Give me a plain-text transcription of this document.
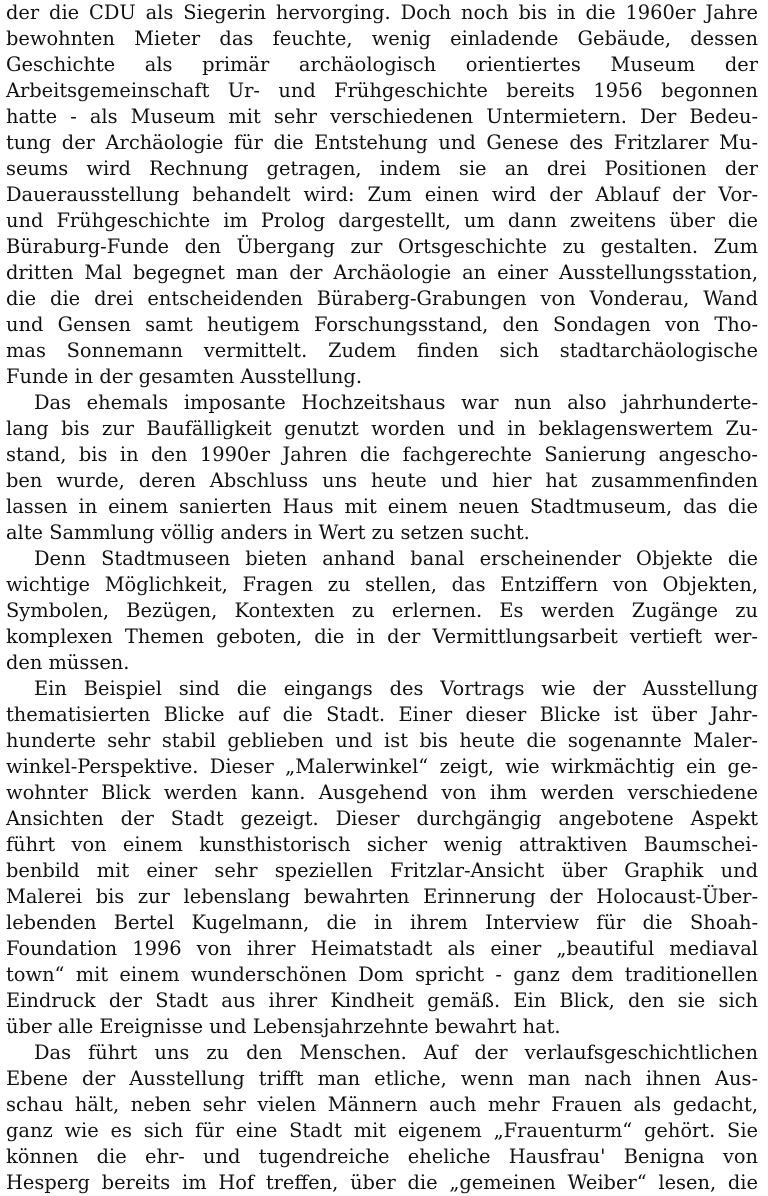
der die CDU als Siegerin hervorging. Doch noch bis in die 1960er Jahre
bewohnten Mieter das feuchte, wenig einladende Gebäude, dessen
Geschichte als primär archäologisch orientiertes Museum der
Arbeitsgemeinschaft Ur- und Frühgeschichte bereits 1956 begonnen
hatte - als Museum mit sehr verschiedenen Untermietern. Der Bedeu-
tung der Archäologie für die Entstehung und Genese des Fritzlarer Mu-
seums wird Rechnung getragen, indem sie an drei Positionen der
Dauerausstellung behandelt wird: Zum einen wird der Ablauf der Vor-
und Frühgeschichte im Prolog dargestellt, um dann zweitens über die
Büraburg-Funde den Übergang zur Ortsgeschichte zu gestalten. Zum
dritten Mal begegnet man der Archäologie an einer Ausstellungsstation,
die die drei entscheidenden Büraberg-Grabungen von Vonderau, Wand
und Gensen samt heutigem Forschungsstand, den Sondagen von Tho-
mas Sonnemann vermittelt. Zudem finden sich stadtarchäologische
Funde in der gesamten Ausstellung.
Das ehemals imposante Hochzeitshaus war nun also jahrhunderte-
lang bis zur Baufälligkeit genutzt worden und in beklagenswertem Zu-
stand, bis in den 1990er Jahren die fachgerechte Sanierung angescho-
ben wurde, deren Abschluss uns heute und hier hat zusammenfinden
lassen in einem sanierten Haus mit einem neuen Stadtmuseum, das die
alte Sammlung völlig anders in Wert zu setzen sucht.
Denn Stadtmuseen bieten anhand banal erscheinender Objekte die
wichtige Möglichkeit, Fragen zu stellen, das Entziffern von Objekten,
Symbolen, Bezügen, Kontexten zu erlernen. Es werden Zugänge zu
komplexen Themen geboten, die in der Vermittlungsarbeit vertieft wer-
den müssen.
Ein Beispiel sind die eingangs des Vortrags wie der Ausstellung
thematisierten Blicke auf die Stadt. Einer dieser Blicke ist über Jahr-
hunderte sehr stabil geblieben und ist bis heute die sogenannte Maler-
winkel-Perspektive. Dieser „Malerwinkel“ zeigt, wie wirkmächtig ein ge-
wohnter Blick werden kann. Ausgehend von ihm werden verschiedene
Ansichten der Stadt gezeigt. Dieser durchgängig angebotene Aspekt
führt von einem kunsthistorisch sicher wenig attraktiven Baumschei-
benbild mit einer sehr speziellen Fritzlar-Ansicht über Graphik und
Malerei bis zur lebenslang bewahrten Erinnerung der Holocaust-Über-
lebenden Bertel Kugelmann, die in ihrem Interview für die Shoah-
Foundation 1996 von ihrer Heimatstadt als einer „beautiful mediaval
town“ mit einem wunderschönen Dom spricht - ganz dem traditionellen
Eindruck der Stadt aus ihrer Kindheit gemäß. Ein Blick, den sie sich
über alle Ereignisse und Lebensjahrzehnte bewahrt hat.
Das führt uns zu den Menschen. Auf der verlaufsgeschichtlichen
Ebene der Ausstellung trifft man etliche, wenn man nach ihnen Aus-
schau hält, neben sehr vielen Männern auch mehr Frauen als gedacht,
ganz wie es sich für eine Stadt mit eigenem „Frauenturm“ gehört. Sie
können die ehr- und tugendreiche eheliche Hausfrau' Benigna von
Hesperg bereits im Hof treffen, über die „gemeinen Weiber“ lesen, die
